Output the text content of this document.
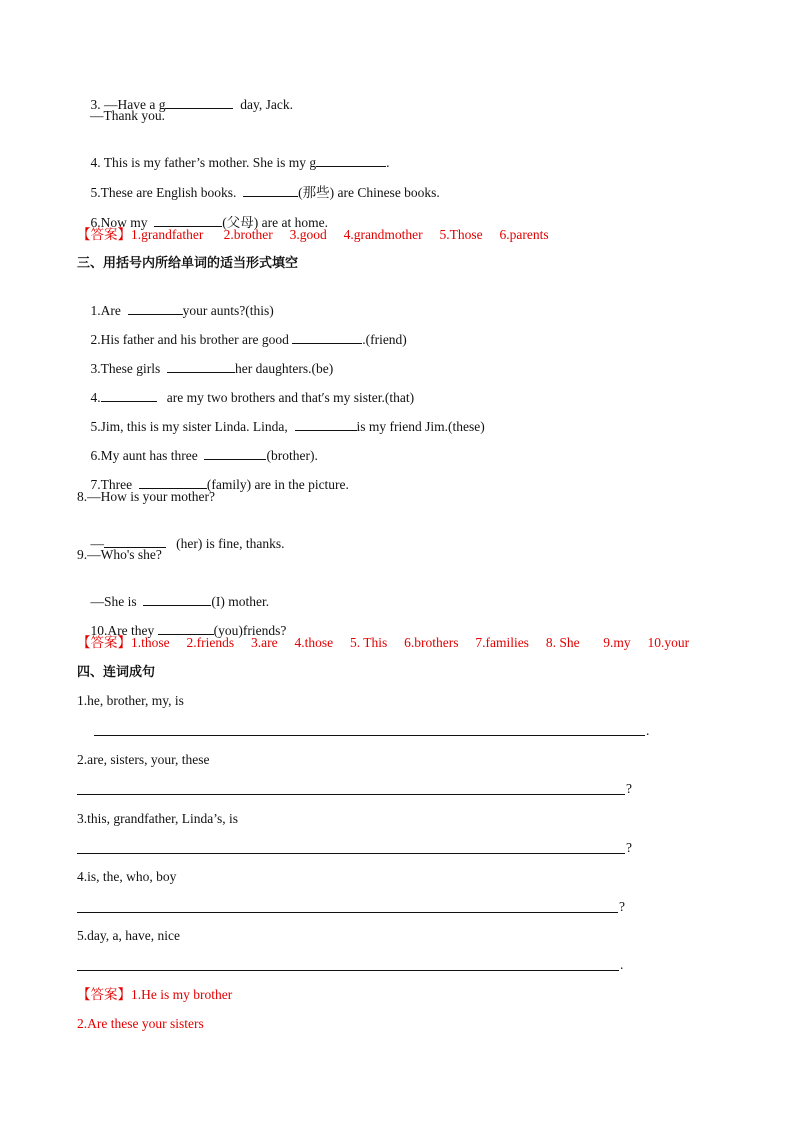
3. —Have a g	day, Jack.

—Thank you.

4. This is my father’s mother. She is my g	.

5.These are English books.	(那些) are Chinese books.

6.Now my	(父母) are at home.

【答案】1.grandfather      2.brother     3.good     4.grandmother     5.Those     6.parents
三、用括号内所给单词的适当形式填空

1.Are	your aunts?(this)

2.His father and his brother are good	.(friend)

3.These girls	her daughters.(be)

4.	are my two brothers and that′s my sister.(that)

5.Jim, this is my sister Linda. Linda,	is my friend Jim.(these)

6.My aunt has three	(brother).

7.Three	(family) are in the picture.

8.—How is your mother?

—	(her) is fine, thanks.

9.—Who's she?

—She is	(I) mother.

10.Are they	(you)friends?

【答案】1.those     2.friends     3.are     4.those     5. This     6.brothers     7.families     8. She       9.my     10.your
四、连词成句
1.he, brother, my, is
.
2.are, sisters, your, these
?
3.this, grandfather, Linda’s, is
?
4.is, the, who, boy
?
5.day, a, have, nice
.
【答案】1.He is my brother
2.Are these your sisters
